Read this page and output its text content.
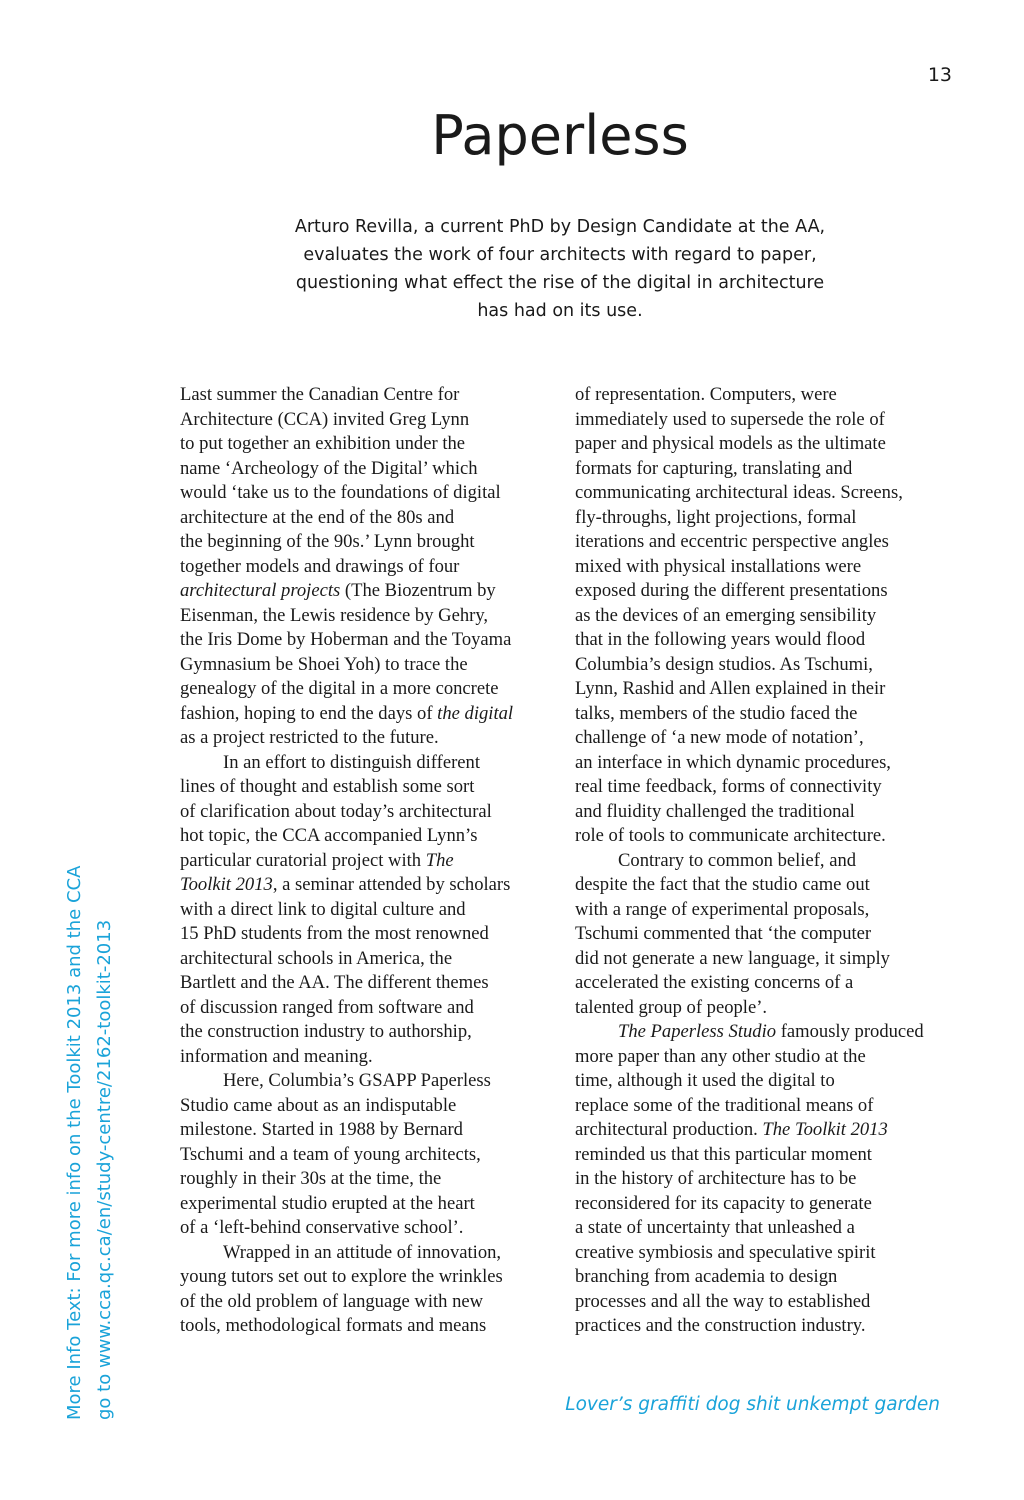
13
Paperless

Arturo Revilla, a current PhD by Design Candidate at the AA,
evaluates the work of four architects with regard to paper,
questioning what effect the rise of the digital in architecture
has had on its use.

Last summer the Canadian Centre for
Architecture (CCA) invited Greg Lynn
to put together an exhibition under the
name ‘Archeology of the Digital’ which
would ‘take us to the foundations of digital
architecture at the end of the 80s and
the beginning of the 90s.’ Lynn brought
together models and drawings of four
architectural projects (The Biozentrum by
Eisenman, the Lewis residence by Gehry,
the Iris Dome by Hoberman and the Toyama
Gymnasium be Shoei Yoh) to trace the
genealogy of the digital in a more concrete
fashion, hoping to end the days of the digital
as a project restricted to the future.
In an effort to distinguish different
lines of thought and establish some sort
of clarification about today’s architectural
hot topic, the CCA accompanied Lynn’s
particular curatorial project with The
Toolkit 2013, a seminar attended by scholars
with a direct link to digital culture and
15 PhD students from the most renowned
architectural schools in America, the
Bartlett and the AA. The different themes
of discussion ranged from software and
the construction industry to authorship,
information and meaning.
Here, Columbia’s GSAPP Paperless
Studio came about as an indisputable
milestone. Started in 1988 by Bernard
Tschumi and a team of young architects,
roughly in their 30s at the time, the
experimental studio erupted at the heart
of a ‘left-behind conservative school’.
Wrapped in an attitude of innovation,
young tutors set out to explore the wrinkles
of the old problem of language with new
tools, methodological formats and means
of representation. Computers, were
immediately used to supersede the role of
paper and physical models as the ultimate
formats for capturing, translating and
communicating architectural ideas. Screens,
fly-throughs, light projections, formal
iterations and eccentric perspective angles
mixed with physical installations were
exposed during the different presentations
as the devices of an emerging sensibility
that in the following years would flood
Columbia’s design studios. As Tschumi,
Lynn, Rashid and Allen explained in their
talks, members of the studio faced the
challenge of ‘a new mode of notation’,
an interface in which dynamic procedures,
real time feedback, forms of connectivity
and fluidity challenged the traditional
role of tools to communicate architecture.
Contrary to common belief, and
despite the fact that the studio came out
with a range of experimental proposals,
Tschumi commented that ‘the computer
did not generate a new language, it simply
accelerated the existing concerns of a
talented group of people’.
The Paperless Studio famously produced
more paper than any other studio at the
time, although it used the digital to
replace some of the traditional means of
architectural production. The Toolkit 2013
reminded us that this particular moment
in the history of architecture has to be
reconsidered for its capacity to generate
a state of uncertainty that unleashed a
creative symbiosis and speculative spirit
branching from academia to design
processes and all the way to established
practices and the construction industry.
More Info Text: For more info on the Toolkit 2013 and the CCA go to www.cca.qc.ca/en/study-centre/2162-toolkit-2013	Lover’s graffiti dog shit unkempt garden
